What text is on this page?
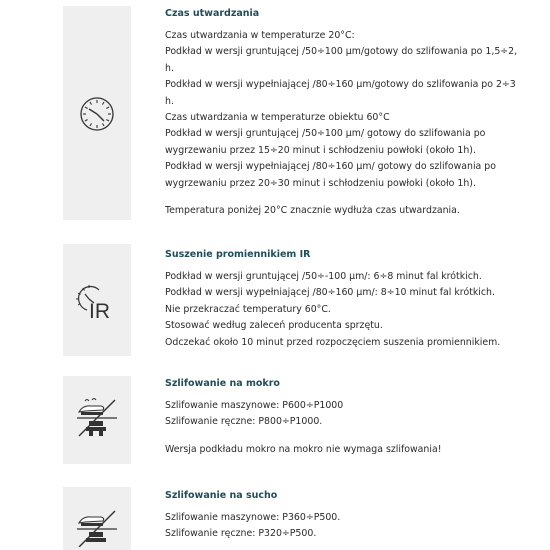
Czas utwardzania
Czas utwardzania w temperaturze 20°C:
Podkład w wersji gruntującej /50÷100 μm/gotowy do szlifowania po 1,5÷2,
h.
Podkład w wersji wypełniającej /80÷160 μm/gotowy do szlifowania po 2÷3
h.
Czas utwardzania w temperaturze obiektu 60°C
Podkład w wersji gruntującej /50÷100 μm/ gotowy do szlifowania po
wygrzewaniu przez 15÷20 minut i schłodzeniu powłoki (około 1h).
Podkład w wersji wypełniającej /80÷160 μm/ gotowy do szlifowania po
wygrzewaniu przez 20÷30 minut i schłodzeniu powłoki (około 1h).
Temperatura poniżej 20°C znacznie wydłuża czas utwardzania.
IR
Suszenie promiennikiem IR
Podkład w wersji gruntującej /50÷-100 μm/: 6÷8 minut fal krótkich.
Podkład w wersji wypełniającej /80÷160 μm/: 8÷10 minut fal krótkich.
Nie przekraczać temperatury 60°C.
Stosować według zaleceń producenta sprzętu.
Odczekać około 10 minut przed rozpoczęciem suszenia promiennikiem.
Szlifowanie na mokro
Szlifowanie maszynowe: P600÷P1000
Szlifowanie ręczne: P800÷P1000.
Wersja podkładu mokro na mokro nie wymaga szlifowania!
Szlifowanie na sucho
Szlifowanie maszynowe: P360÷P500.
Szlifowanie ręczne: P320÷P500.
